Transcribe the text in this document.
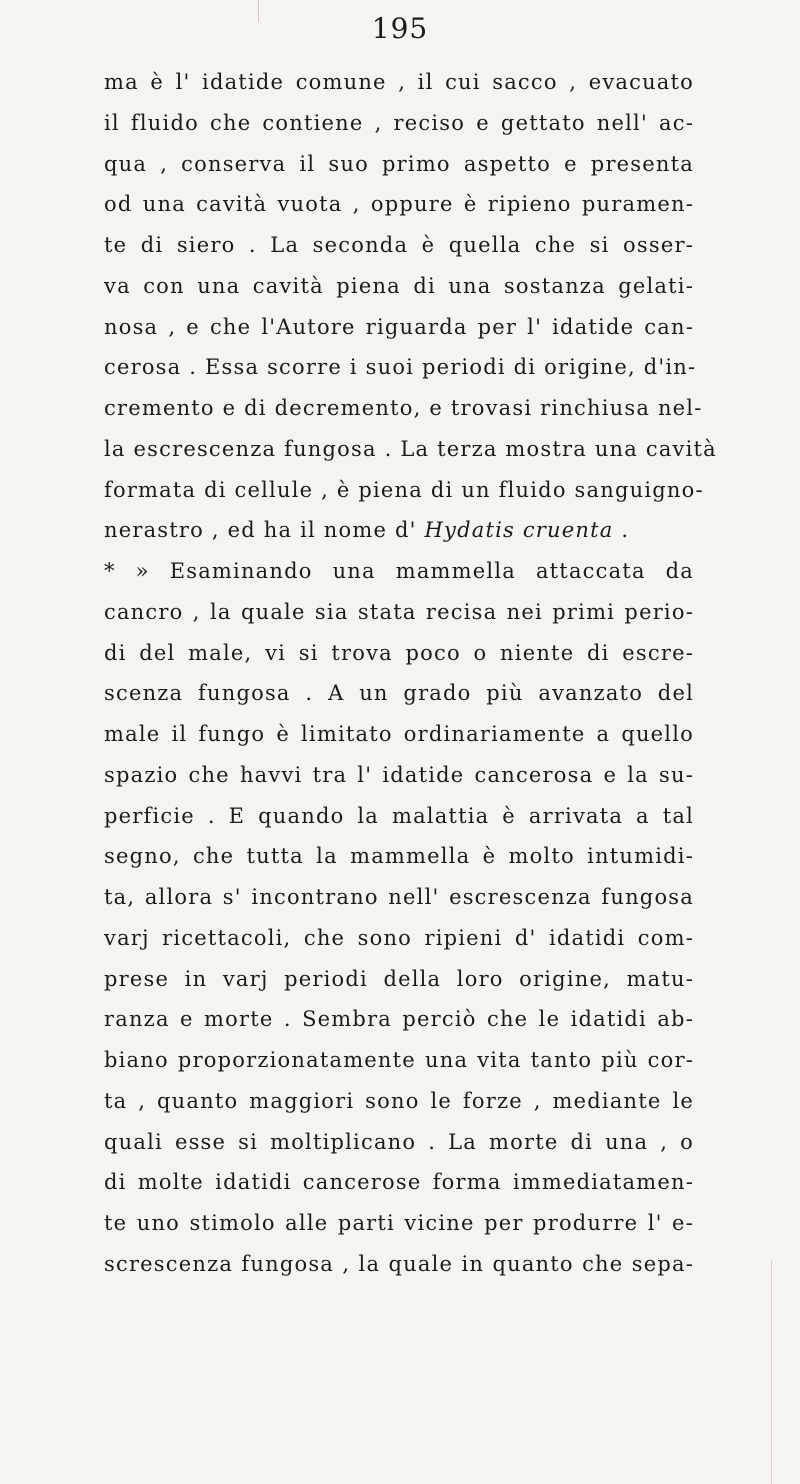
195
ma è l' idatide comune , il cui sacco , evacuato
il fluido che contiene , reciso e gettato nell' ac-
qua , conserva il suo primo aspetto e presenta
od una cavità vuota , oppure è ripieno puramen-
te di siero . La seconda è quella che si osser-
va con una cavità piena di una sostanza gelati-
nosa , e che l'Autore riguarda per l' idatide can-
cerosa . Essa scorre i suoi periodi di origine, d'in-
cremento e di decremento, e trovasi rinchiusa nel-
la escrescenza fungosa . La terza mostra una cavità
formata di cellule , è piena di un fluido sanguigno-
nerastro , ed ha il nome d' Hydatis cruenta .
* » Esaminando una mammella attaccata da
cancro , la quale sia stata recisa nei primi perio-
di del male, vi si trova poco o niente di escre-
scenza fungosa . A un grado più avanzato del
male il fungo è limitato ordinariamente a quello
spazio che havvi tra l' idatide cancerosa e la su-
perficie . E quando la malattia è arrivata a tal
segno, che tutta la mammella è molto intumidi-
ta, allora s' incontrano nell' escrescenza fungosa
varj ricettacoli, che sono ripieni d' idatidi com-
prese in varj periodi della loro origine, matu-
ranza e morte . Sembra perciò che le idatidi ab-
biano proporzionatamente una vita tanto più cor-
ta , quanto maggiori sono le forze , mediante le
quali esse si moltiplicano . La morte di una , o
di molte idatidi cancerose forma immediatamen-
te uno stimolo alle parti vicine per produrre l' e-
screscenza fungosa , la quale in quanto che sepa-
